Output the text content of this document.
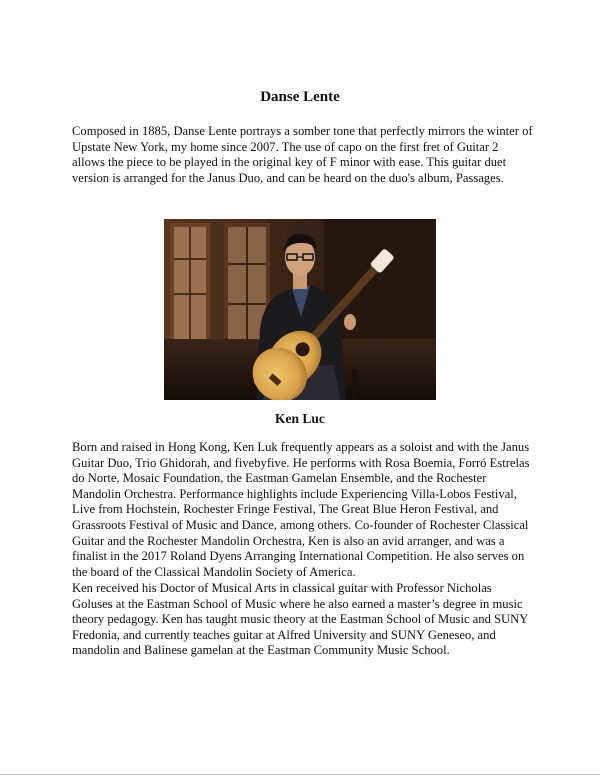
Danse Lente

Composed in 1885, Danse Lente portrays a somber tone that perfectly mirrors the winter of Upstate New York, my home since 2007. The use of capo on the first fret of Guitar 2 allows the piece to be played in the original key of F minor with ease. This guitar duet version is arranged for the Janus Duo, and can be heard on the duo's album, Passages.

Ken Luc

Born and raised in Hong Kong, Ken Luk frequently appears as a soloist and with the Janus Guitar Duo, Trio Ghidorah, and fivebyfive. He performs with Rosa Boemia, Forró Estrelas do Norte, Mosaic Foundation, the Eastman Gamelan Ensemble, and the Rochester Mandolin Orchestra. Performance highlights include Experiencing Villa-Lobos Festival, Live from Hochstein, Rochester Fringe Festival, The Great Blue Heron Festival, and Grassroots Festival of Music and Dance, among others. Co-founder of Rochester Classical Guitar and the Rochester Mandolin Orchestra, Ken is also an avid arranger, and was a finalist in the 2017 Roland Dyens Arranging International Competition. He also serves on the board of the Classical Mandolin Society of America.

Ken received his Doctor of Musical Arts in classical guitar with Professor Nicholas Goluses at the Eastman School of Music where he also earned a master’s degree in music theory pedagogy. Ken has taught music theory at the Eastman School of Music and SUNY Fredonia, and currently teaches guitar at Alfred University and SUNY Geneseo, and mandolin and Balinese gamelan at the Eastman Community Music School.
